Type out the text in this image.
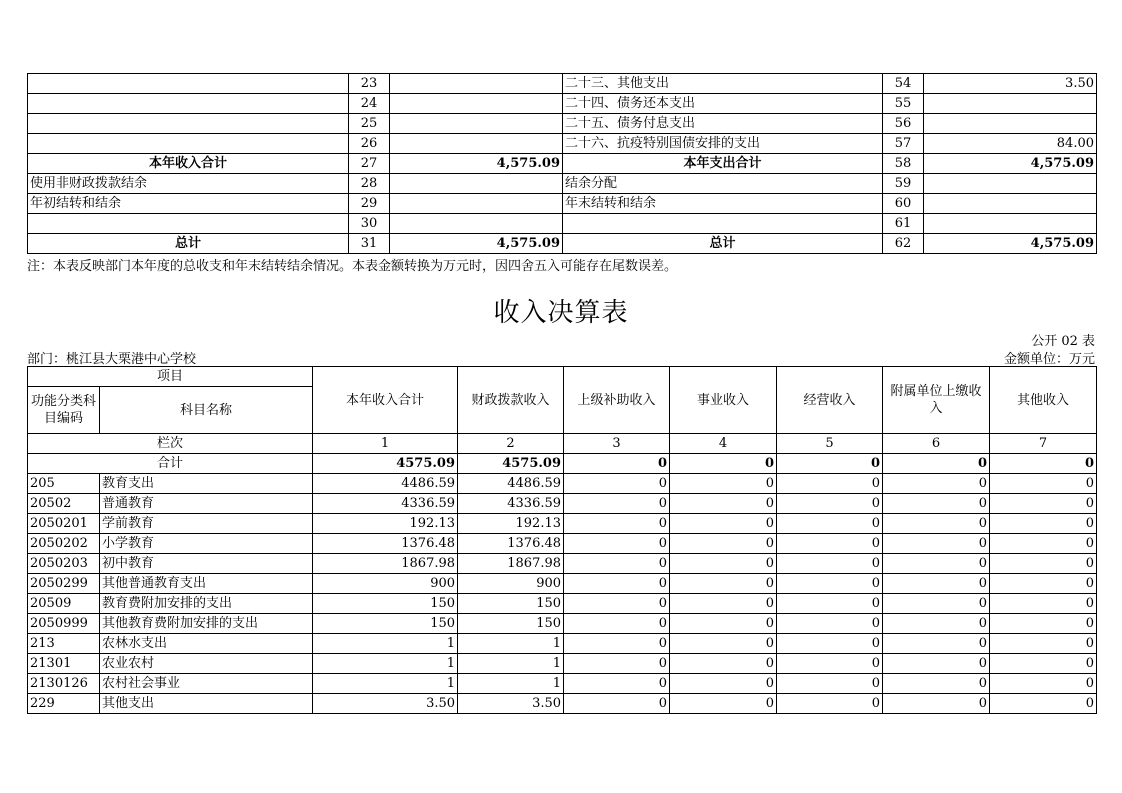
	23		二十三、其他支出	54	3.50
	24		二十四、债务还本支出	55	
	25		二十五、债务付息支出	56	
	26		二十六、抗疫特别国债安排的支出	57	84.00
本年收入合计	27	4,575.09	本年支出合计	58	4,575.09
使用非财政拨款结余	28		结余分配	59	
年初结转和结余	29		年末结转和结余	60	
	30			61	
总计	31	4,575.09	总计	62	4,575.09
注：本表反映部门本年度的总收支和年末结转结余情况。本表金额转换为万元时，因四舍五入可能存在尾数误差。
收入决算表
公开 02 表
部门：桃江县大栗港中心学校	金额单位：万元
项目		本年收入合计	财政拨款收入	上级补助收入	事业收入	经营收入	附属单位上缴收入	其他收入
功能分类科目编码	科目名称							
栏次		1	2	3	4	5	6	7
合计		4575.09	4575.09	0	0	0	0	0
205	教育支出	4486.59	4486.59	0	0	0	0	0
20502	普通教育	4336.59	4336.59	0	0	0	0	0
2050201	学前教育	192.13	192.13	0	0	0	0	0
2050202	小学教育	1376.48	1376.48	0	0	0	0	0
2050203	初中教育	1867.98	1867.98	0	0	0	0	0
2050299	其他普通教育支出	900	900	0	0	0	0	0
20509	教育费附加安排的支出	150	150	0	0	0	0	0
2050999	其他教育费附加安排的支出	150	150	0	0	0	0	0
213	农林水支出	1	1	0	0	0	0	0
21301	农业农村	1	1	0	0	0	0	0
2130126	农村社会事业	1	1	0	0	0	0	0
229	其他支出	3.50	3.50	0	0	0	0	0
